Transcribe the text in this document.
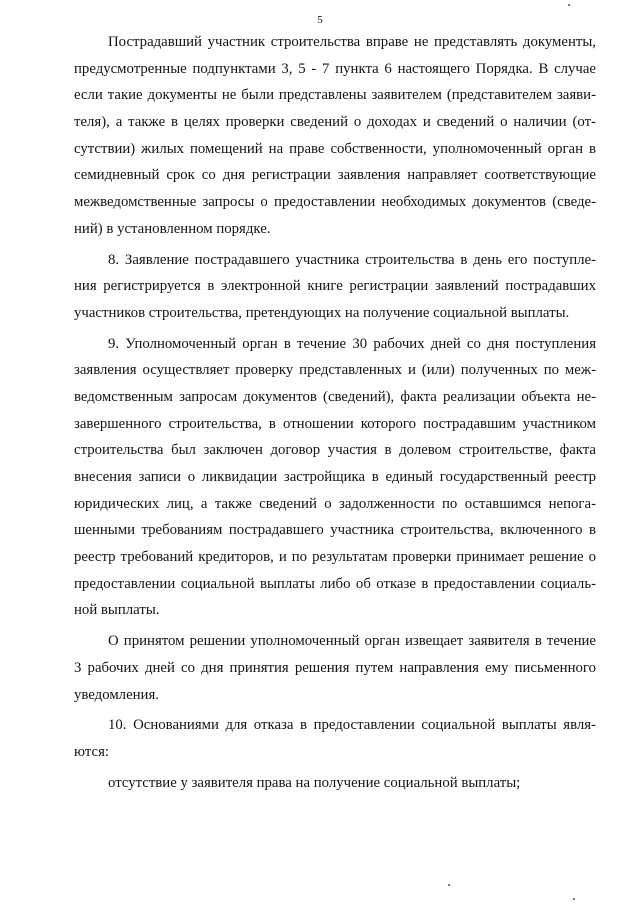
5
Пострадавший участник строительства вправе не представлять документы,
предусмотренные подпунктами 3, 5 - 7 пункта 6 настоящего Порядка. В случае
если такие документы не были представлены заявителем (представителем заяви-
теля), а также в целях проверки сведений о доходах и сведений о наличии (от-
сутствии) жилых помещений на праве собственности, уполномоченный орган в
семидневный срок со дня регистрации заявления направляет соответствующие
межведомственные запросы о предоставлении необходимых документов (сведе-
ний) в установленном порядке.
8. Заявление пострадавшего участника строительства в день его поступле-
ния регистрируется в электронной книге регистрации заявлений пострадавших
участников строительства, претендующих на получение социальной выплаты.
9. Уполномоченный орган в течение 30 рабочих дней со дня поступления
заявления осуществляет проверку представленных и (или) полученных по меж-
ведомственным запросам документов (сведений), факта реализации объекта не-
завершенного строительства, в отношении которого пострадавшим участником
строительства был заключен договор участия в долевом строительстве, факта
внесения записи о ликвидации застройщика в единый государственный реестр
юридических лиц, а также сведений о задолженности по оставшимся непога-
шенными требованиям пострадавшего участника строительства, включенного в
реестр требований кредиторов, и по результатам проверки принимает решение о
предоставлении социальной выплаты либо об отказе в предоставлении социаль-
ной выплаты.
О принятом решении уполномоченный орган извещает заявителя в течение
3 рабочих дней со дня принятия решения путем направления ему письменного
уведомления.
10. Основаниями для отказа в предоставлении социальной выплаты явля-
ются:
отсутствие у заявителя права на получение социальной выплаты;
